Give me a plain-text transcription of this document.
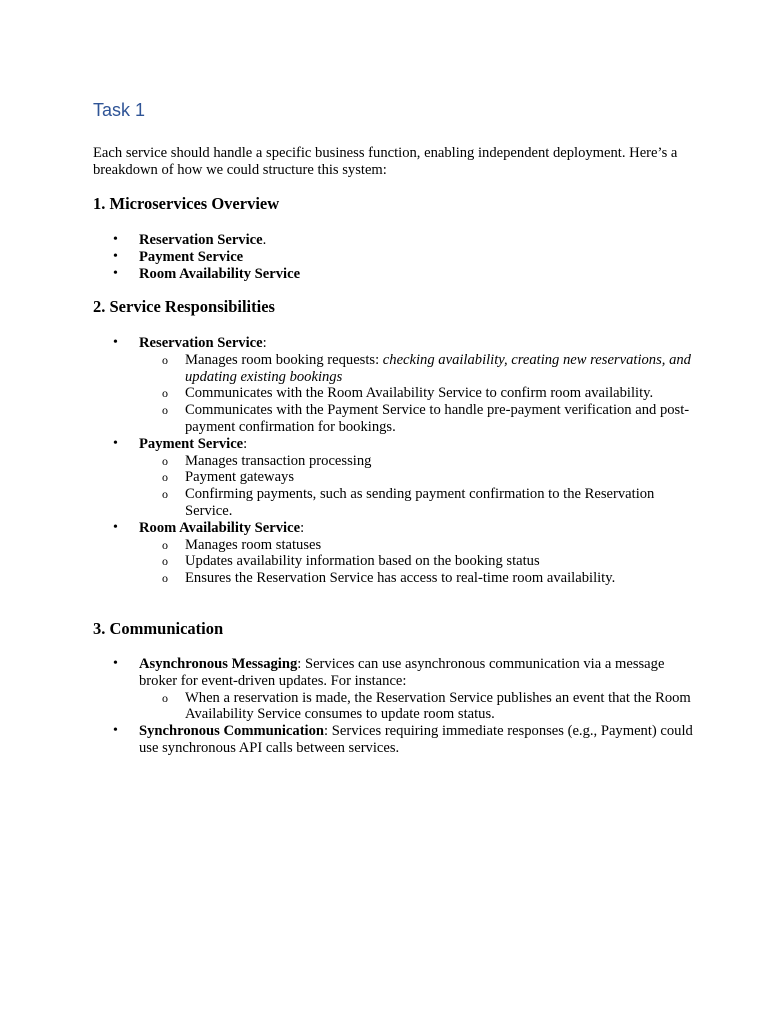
Task 1

Each service should handle a specific business function, enabling independent deployment. Here’s a breakdown of how we could structure this system:

1. Microservices Overview
• Reservation Service.
• Payment Service
• Room Availability Service
2. Service Responsibilities
• Reservation Service:
o Manages room booking requests: checking availability, creating new reservations, and updating existing bookings
o Communicates with the Room Availability Service to confirm room availability.
o Communicates with the Payment Service to handle pre-payment verification and post-payment confirmation for bookings.
• Payment Service:
o Manages transaction processing
o Payment gateways
o Confirming payments, such as sending payment confirmation to the Reservation Service.
• Room Availability Service:
o Manages room statuses
o Updates availability information based on the booking status
o Ensures the Reservation Service has access to real-time room availability.
3. Communication
• Asynchronous Messaging: Services can use asynchronous communication via a message broker for event-driven updates. For instance:
o When a reservation is made, the Reservation Service publishes an event that the Room Availability Service consumes to update room status.
• Synchronous Communication: Services requiring immediate responses (e.g., Payment) could use synchronous API calls between services.
